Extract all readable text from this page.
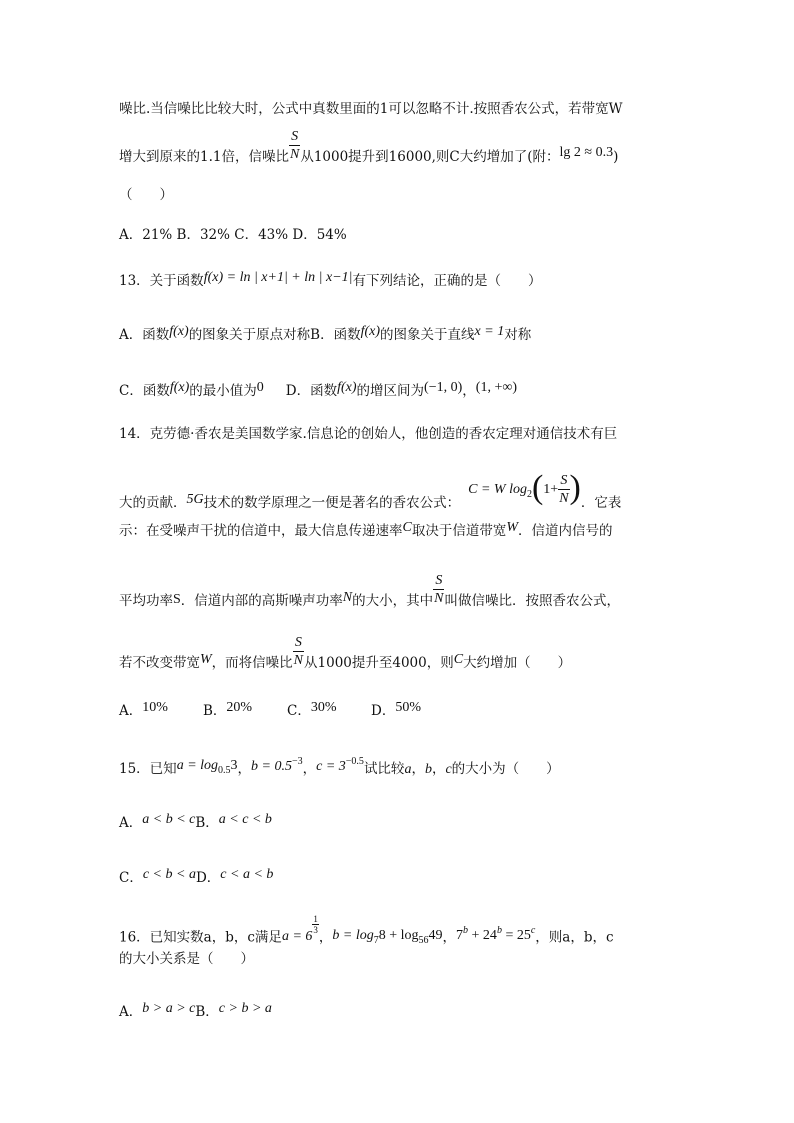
噪比.当信噪比比较大时，公式中真数里面的1可以忽略不计.按照香农公式，若带宽W
增大到原来的1.1倍，信噪比 $\frac{S}{N}$ 从1000提升到16000,则C大约增加了(附：lg 2 ≈ 0.3)
（　　）
A．21% B．32% C．43% D．54%
13．关于函数f(x) = ln | x+1| + ln | x−1|有下列结论，正确的是（　　）
A．函数f(x)的图象关于原点对称B．函数f(x)的图象关于直线x = 1对称
C．函数f(x)的最小值为0 D．函数f(x)的增区间为(−1, 0)，(1, +∞)
14．克劳德·香农是美国数学家.信息论的创始人，他创造的香农定理对通信技术有巨
大的贡献．5G技术的数学原理之一便是著名的香农公式：C = W $\log_2(1+ \frac{S}{N}$ )．它表
示：在受噪声干扰的信道中，最大信息传递速率C取决于信道带宽W．信道内信号的
平均功率S．信道内部的高斯噪声功率N的大小，其中 $\frac{S}{N}$ 叫做信噪比．按照香农公式，
若不改变带宽W，而将信噪比 $\frac{S}{N}$ 从1000提升至4000，则C大约增加（　　）
A．10%	B．20%	C．30%	D．50%
15．已知$a = \log_{0.5}3$，$b = 0.5^{-3}$，$c = 3^{-0.5}$试比较a，b，c的大小为（　　）
A．a < b < cB．a < c < b
C．c < b < aD．c < a < b
16．已知实数a，b，c满足a = 6
$\frac{1}{3}$
，$b = \log_78 + \log_{56}49$，$7^b + 24^b = 25^c$，则a，b，c
的大小关系是（　　）
A．b > a > cB．c > b > a
